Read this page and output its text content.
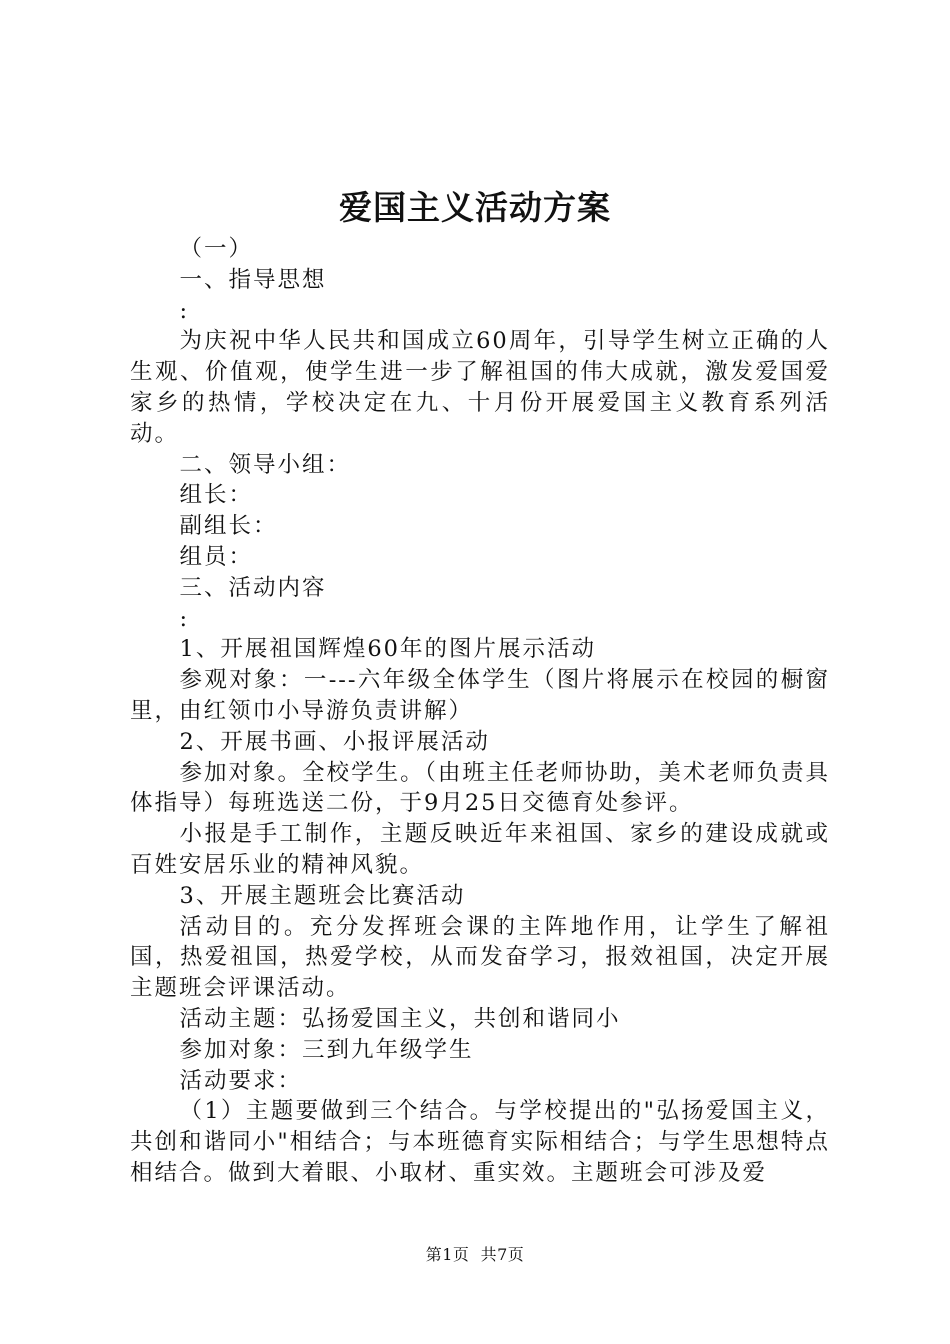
爱国主义活动方案

（一）

一、指导思想

:

为庆祝中华人民共和国成立60周年，引导学生树立正确的人生观、价值观，使学生进一步了解祖国的伟大成就，激发爱国爱家乡的热情，学校决定在九、十月份开展爱国主义教育系列活动。

二、领导小组：

组长：

副组长：

组员：

三、活动内容

:

1、开展祖国辉煌60年的图片展示活动

参观对象：一---六年级全体学生（图片将展示在校园的橱窗里，由红领巾小导游负责讲解）

2、开展书画、小报评展活动

参加对象。全校学生。（由班主任老师协助，美术老师负责具体指导）每班选送二份，于9月25日交德育处参评。

小报是手工制作，主题反映近年来祖国、家乡的建设成就或百姓安居乐业的精神风貌。

3、开展主题班会比赛活动

活动目的。充分发挥班会课的主阵地作用，让学生了解祖国，热爱祖国，热爱学校，从而发奋学习，报效祖国，决定开展主题班会评课活动。

活动主题：弘扬爱国主义，共创和谐同小

参加对象：三到九年级学生

活动要求：

（1）主题要做到三个结合。与学校提出的"弘扬爱国主义，共创和谐同小"相结合；与本班德育实际相结合；与学生思想特点相结合。做到大着眼、小取材、重实效。主题班会可涉及爱

第1页  共7页
